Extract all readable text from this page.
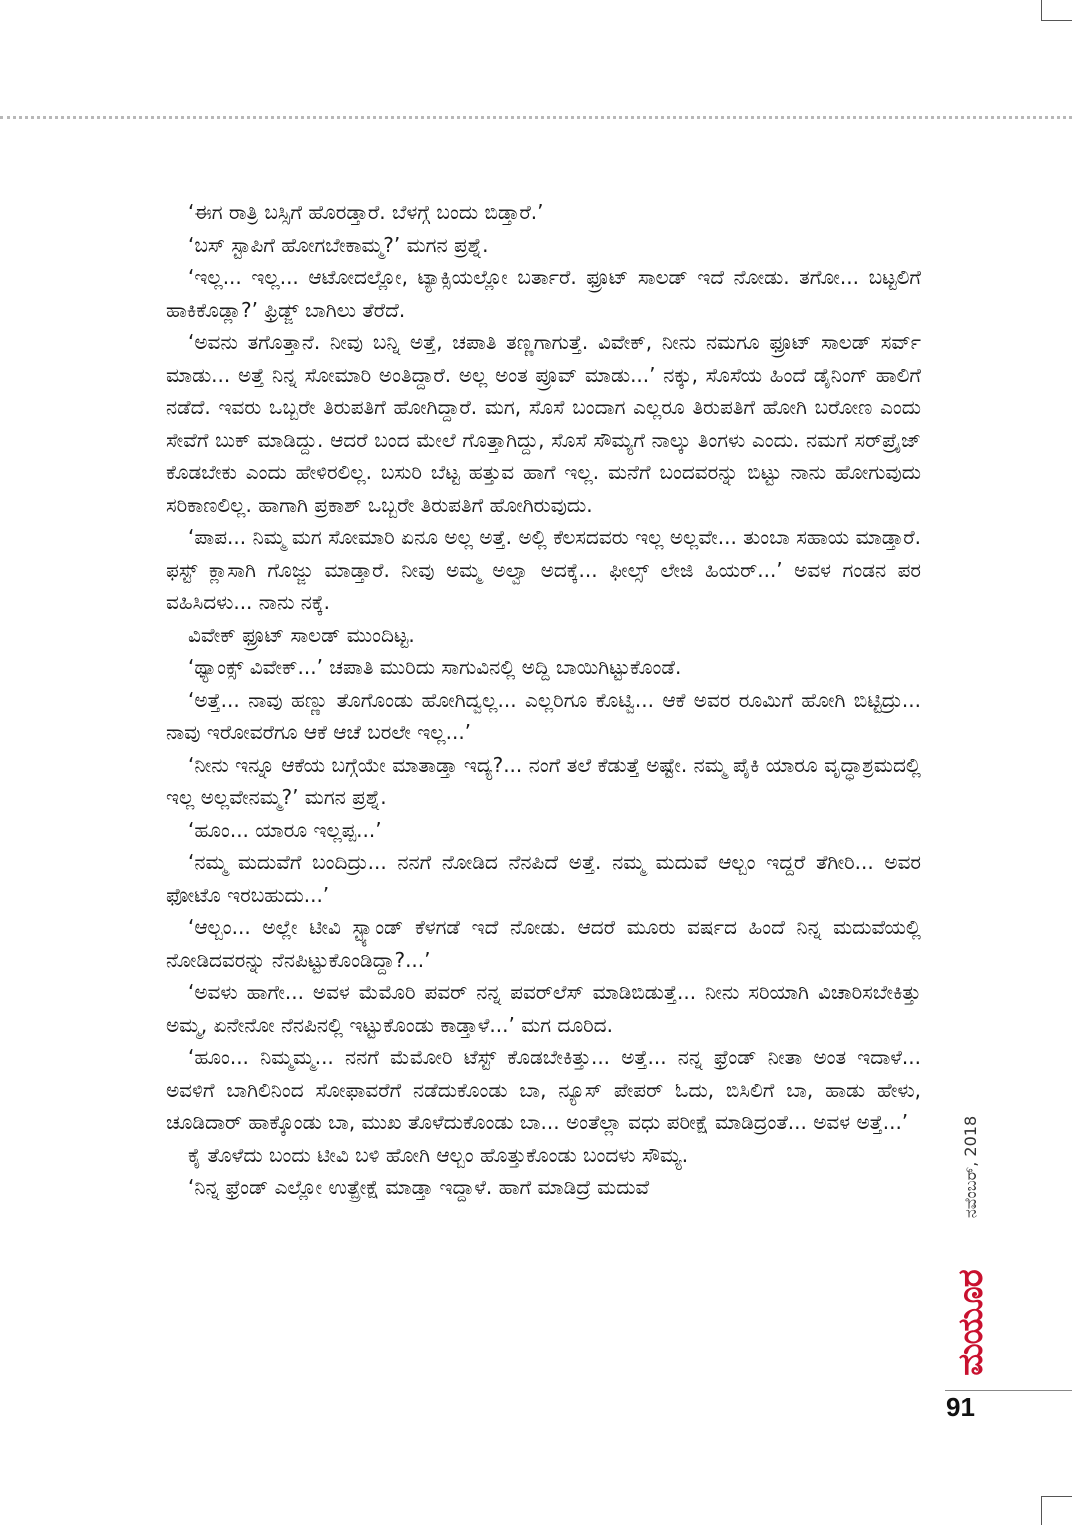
‘ಈಗ ರಾತ್ರಿ ಬಸ್ಸಿಗೆ ಹೊರಡ್ತಾರೆ. ಬೆಳಗ್ಗೆ ಬಂದು ಬಿಡ್ತಾರೆ.’

‘ಬಸ್ ಸ್ಟಾಪಿಗೆ ಹೋಗಬೇಕಾಮ್ಮ?’ ಮಗನ ಪ್ರಶ್ನೆ.

‘ಇಲ್ಲ... ಇಲ್ಲ... ಆಟೋದಲ್ಲೋ, ಟ್ಯಾಕ್ಸಿಯಲ್ಲೋ ಬರ್ತಾರೆ. ಫ್ರೂಟ್ ಸಾಲಡ್ ಇದೆ ನೋಡು. ತಗೋ... ಬಟ್ಟಲಿಗೆ ಹಾಕಿಕೊಡ್ಲಾ?’ ಫ್ರಿಡ್ಜ್ ಬಾಗಿಲು ತೆರೆದೆ.

‘ಅವನು ತಗೊತ್ತಾನೆ. ನೀವು ಬನ್ನಿ ಅತ್ತೆ, ಚಪಾತಿ ತಣ್ಣಗಾಗುತ್ತೆ. ವಿವೇಕ್, ನೀನು ನಮಗೂ ಫ್ರೂಟ್ ಸಾಲಡ್ ಸರ್ವ್ ಮಾಡು... ಅತ್ತೆ ನಿನ್ನ ಸೋಮಾರಿ ಅಂತಿದ್ದಾರೆ. ಅಲ್ಲ ಅಂತ ಪ್ರೂವ್ ಮಾಡು...’ ನಕ್ಕು, ಸೊಸೆಯ ಹಿಂದೆ ಡೈನಿಂಗ್ ಹಾಲಿಗೆ ನಡೆದೆ. ಇವರು ಒಬ್ಬರೇ ತಿರುಪತಿಗೆ ಹೋಗಿದ್ದಾರೆ. ಮಗ, ಸೊಸೆ ಬಂದಾಗ ಎಲ್ಲರೂ ತಿರುಪತಿಗೆ ಹೋಗಿ ಬರೋಣ ಎಂದು ಸೇವೆಗೆ ಬುಕ್ ಮಾಡಿದ್ದು. ಆದರೆ ಬಂದ ಮೇಲೆ ಗೊತ್ತಾಗಿದ್ದು, ಸೊಸೆ ಸೌಮ್ಯಗೆ ನಾಲ್ಕು ತಿಂಗಳು ಎಂದು. ನಮಗೆ ಸರ್‌ಪ್ರೈಜ್ ಕೊಡಬೇಕು ಎಂದು ಹೇಳಿರಲಿಲ್ಲ. ಬಸುರಿ ಬೆಟ್ಟ ಹತ್ತುವ ಹಾಗೆ ಇಲ್ಲ. ಮನೆಗೆ ಬಂದವರನ್ನು ಬಿಟ್ಟು ನಾನು ಹೋಗುವುದು ಸರಿಕಾಣಲಿಲ್ಲ. ಹಾಗಾಗಿ ಪ್ರಕಾಶ್ ಒಬ್ಬರೇ ತಿರುಪತಿಗೆ ಹೋಗಿರುವುದು.

‘ಪಾಪ... ನಿಮ್ಮ ಮಗ ಸೋಮಾರಿ ಏನೂ ಅಲ್ಲ ಅತ್ತೆ. ಅಲ್ಲಿ ಕೆಲಸದವರು ಇಲ್ಲ ಅಲ್ಲವೇ... ತುಂಬಾ ಸಹಾಯ ಮಾಡ್ತಾರೆ. ಫಸ್ಟ್ ಕ್ಲಾಸಾಗಿ ಗೊಜ್ಜು ಮಾಡ್ತಾರೆ. ನೀವು ಅಮ್ಮ ಅಲ್ವಾ ಅದಕ್ಕೆ... ಫೀಲ್ಸ್ ಲೇಜಿ ಹಿಯರ್...’ ಅವಳ ಗಂಡನ ಪರ ವಹಿಸಿದಳು... ನಾನು ನಕ್ಕೆ.

ವಿವೇಕ್ ಫ್ರೂಟ್ ಸಾಲಡ್ ಮುಂದಿಟ್ಟ.

‘ಥ್ಯಾಂಕ್ಸ್ ವಿವೇಕ್...’ ಚಪಾತಿ ಮುರಿದು ಸಾಗುವಿನಲ್ಲಿ ಅದ್ದಿ ಬಾಯಿಗಿಟ್ಟುಕೊಂಡೆ.

‘ಅತ್ತೆ... ನಾವು ಹಣ್ಣು ತೊಗೊಂಡು ಹೋಗಿದ್ವಲ್ಲ... ಎಲ್ಲರಿಗೂ ಕೊಟ್ವಿ... ಆಕೆ ಅವರ ರೂಮಿಗೆ ಹೋಗಿ ಬಿಟ್ಟಿದ್ರು... ನಾವು ಇರೋವರೆಗೂ ಆಕೆ ಆಚೆ ಬರಲೇ ಇಲ್ಲ...’

‘ನೀನು ಇನ್ನೂ ಆಕೆಯ ಬಗ್ಗೆಯೇ ಮಾತಾಡ್ತಾ ಇದ್ಯ?... ನಂಗೆ ತಲೆ ಕೆಡುತ್ತೆ ಅಷ್ಟೇ. ನಮ್ಮ ಪೈಕಿ ಯಾರೂ ವೃದ್ಧಾಶ್ರಮದಲ್ಲಿ ಇಲ್ಲ ಅಲ್ಲವೇನಮ್ಮ?’ ಮಗನ ಪ್ರಶ್ನೆ.

‘ಹೂಂ... ಯಾರೂ ಇಲ್ಲಪ್ಪ...’

‘ನಮ್ಮ ಮದುವೆಗೆ ಬಂದಿದ್ರು... ನನಗೆ ನೋಡಿದ ನೆನಪಿದೆ ಅತ್ತೆ. ನಮ್ಮ ಮದುವೆ ಆಲ್ಬಂ ಇದ್ದರೆ ತೆಗೀರಿ... ಅವರ ಫೋಟೊ ಇರಬಹುದು...’

‘ಆಲ್ಬಂ... ಅಲ್ಲೇ ಟೀವಿ ಸ್ಟ್ಯಾಂಡ್ ಕೆಳಗಡೆ ಇದೆ ನೋಡು. ಆದರೆ ಮೂರು ವರ್ಷದ ಹಿಂದೆ ನಿನ್ನ ಮದುವೆಯಲ್ಲಿ ನೋಡಿದವರನ್ನು ನೆನಪಿಟ್ಟುಕೊಂಡಿದ್ದಾ?...’

‘ಅವಳು ಹಾಗೇ... ಅವಳ ಮೆಮೊರಿ ಪವರ್ ನನ್ನ ಪವರ್‌ಲೆಸ್ ಮಾಡಿಬಿಡುತ್ತೆ... ನೀನು ಸರಿಯಾಗಿ ವಿಚಾರಿಸಬೇಕಿತ್ತು ಅಮ್ಮ, ಏನೇನೋ ನೆನಪಿನಲ್ಲಿ ಇಟ್ಟುಕೊಂಡು ಕಾಡ್ತಾಳೆ...’ ಮಗ ದೂರಿದ.

‘ಹೂಂ... ನಿಮ್ಮಮ್ಮ... ನನಗೆ ಮೆಮೋರಿ ಟೆಸ್ಟ್ ಕೊಡಬೇಕಿತ್ತು... ಅತ್ತೆ... ನನ್ನ ಫ್ರೆಂಡ್ ನೀತಾ ಅಂತ ಇದಾಳೆ... ಅವಳಿಗೆ ಬಾಗಿಲಿನಿಂದ ಸೋಫಾವರೆಗೆ ನಡೆದುಕೊಂಡು ಬಾ, ನ್ಯೂಸ್ ಪೇಪರ್ ಓದು, ಬಿಸಿಲಿಗೆ ಬಾ, ಹಾಡು ಹೇಳು, ಚೂಡಿದಾರ್ ಹಾಕ್ಕೊಂಡು ಬಾ, ಮುಖ ತೊಳೆದುಕೊಂಡು ಬಾ... ಅಂತೆಲ್ಲಾ ವಧು ಪರೀಕ್ಷೆ ಮಾಡಿದ್ರಂತೆ... ಅವಳ ಅತ್ತೆ...’

ಕೈ ತೊಳೆದು ಬಂದು ಟೀವಿ ಬಳಿ ಹೋಗಿ ಆಲ್ಬಂ ಹೊತ್ತುಕೊಂಡು ಬಂದಳು ಸೌಮ್ಯ.

‘ನಿನ್ನ ಫ್ರೆಂಡ್ ಎಲ್ಲೋ ಉತ್ಪ್ರೇಕ್ಷೆ ಮಾಡ್ತಾ ಇದ್ದಾಳೆ. ಹಾಗೆ ಮಾಡಿದ್ರೆ ಮದುವೆ	ನವೆಂಬರ್, 2018
ಮಯೂರ
91
